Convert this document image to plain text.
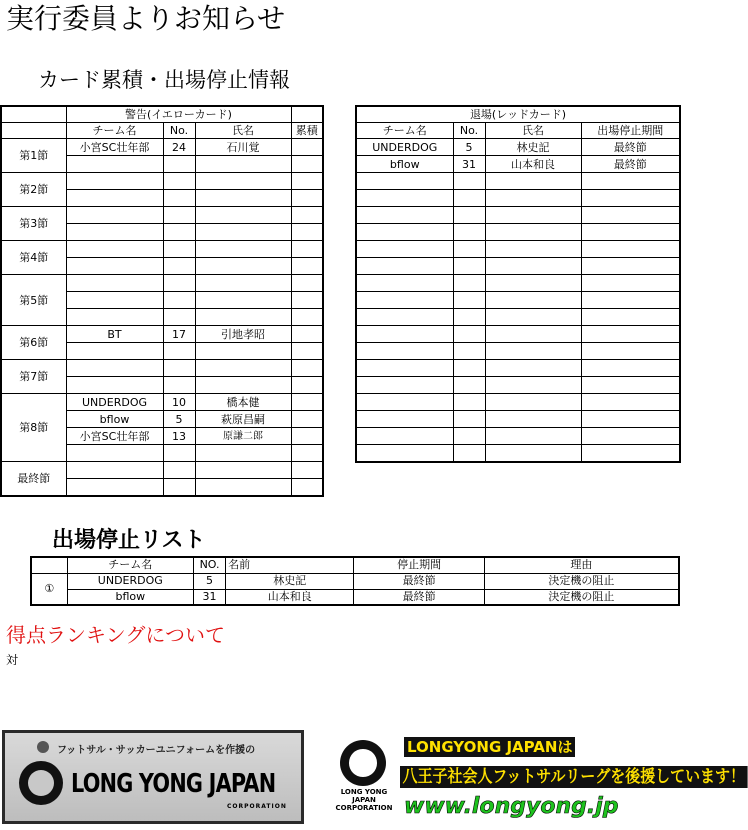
実行委員よりお知らせ
カード累積・出場停止情報
	警告(イエローカード)			
	チーム名	No.	氏名	累積
第1節	小宮SC壮年部	24	石川覚	

第2節				

第3節				

第4節				

第5節				

第6節	BT	17	引地孝昭	

第7節				

第8節	UNDERDOG	10	橋本健	
	bflow	5	萩原昌嗣	
	小宮SC壮年部	13	原謙二郎	

最終節				

退場(レッドカード)			
チーム名	No.	氏名	出場停止期間
UNDERDOG	5	林史記	最終節
bflow	31	山本和良	最終節

出場停止リスト
	チーム名	NO.	名前	停止期間	理由
①	UNDERDOG	5	林史記	最終節	決定機の阻止
	bflow	31	山本和良	最終節	決定機の阻止
得点ランキングについて
対
フットサル・サッカーユニフォームを作援の
LONG YONG JAPAN
CORPORATION
LONG YONG JAPAN CORPORATION
LONGYONG JAPANは
八王子社会人フットサルリーグを後援しています！
www.longyong.jp
